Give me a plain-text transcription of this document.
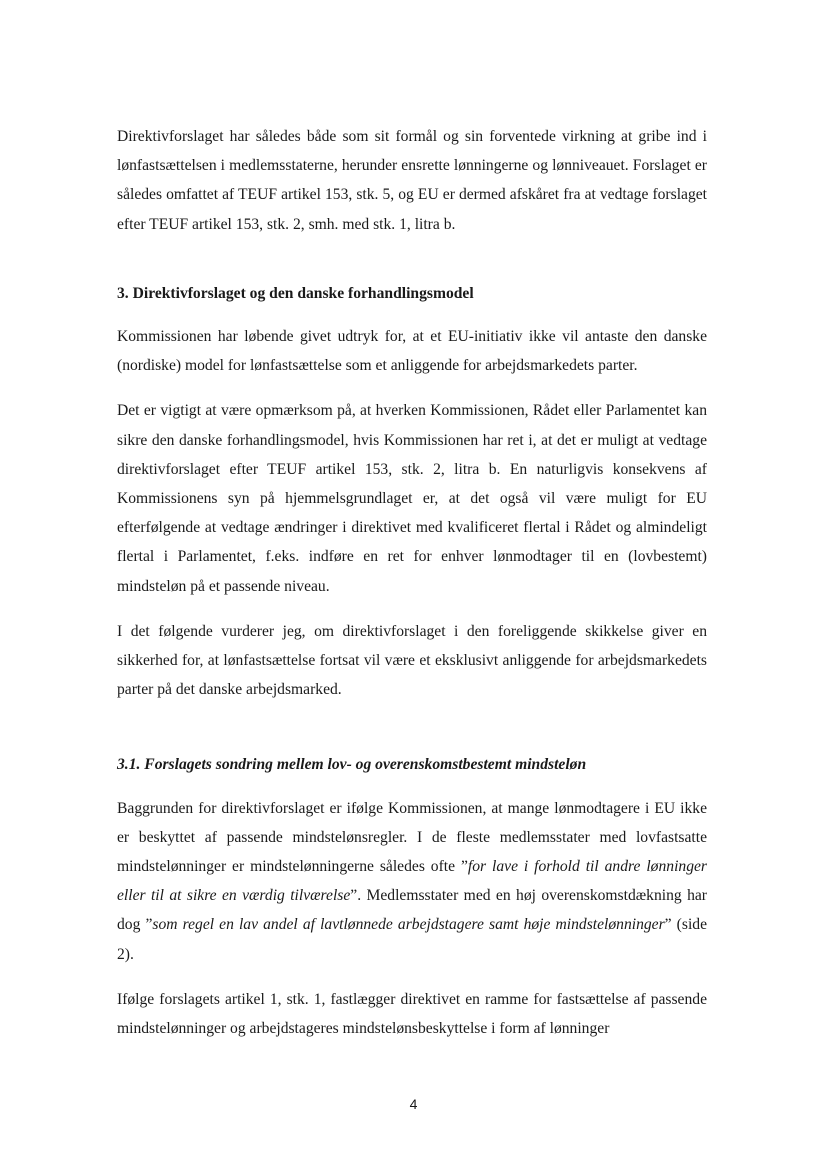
Direktivforslaget har således både som sit formål og sin forventede virkning at gribe ind i lønfastsættelsen i medlemsstaterne, herunder ensrette lønningerne og lønniveauet. Forslaget er således omfattet af TEUF artikel 153, stk. 5, og EU er dermed afskåret fra at vedtage forslaget efter TEUF artikel 153, stk. 2, smh. med stk. 1, litra b.

3. Direktivforslaget og den danske forhandlingsmodel

Kommissionen har løbende givet udtryk for, at et EU-initiativ ikke vil antaste den danske (nordiske) model for lønfastsættelse som et anliggende for arbejdsmarkedets parter.

Det er vigtigt at være opmærksom på, at hverken Kommissionen, Rådet eller Parlamentet kan sikre den danske forhandlingsmodel, hvis Kommissionen har ret i, at det er muligt at vedtage direktivforslaget efter TEUF artikel 153, stk. 2, litra b. En naturligvis konsekvens af Kommissionens syn på hjemmelsgrundlaget er, at det også vil være muligt for EU efterfølgende at vedtage ændringer i direktivet med kvalificeret flertal i Rådet og almindeligt flertal i Parlamentet, f.eks. indføre en ret for enhver lønmodtager til en (lovbestemt) mindsteløn på et passende niveau.

I det følgende vurderer jeg, om direktivforslaget i den foreliggende skikkelse giver en sikkerhed for, at lønfastsættelse fortsat vil være et eksklusivt anliggende for arbejdsmarkedets parter på det danske arbejdsmarked.

3.1. Forslagets sondring mellem lov- og overenskomstbestemt mindsteløn

Baggrunden for direktivforslaget er ifølge Kommissionen, at mange lønmodtagere i EU ikke er beskyttet af passende mindstelønsregler. I de fleste medlemsstater med lovfastsatte mindstelønninger er mindstelønningerne således ofte ”for lave i forhold til andre lønninger eller til at sikre en værdig tilværelse”. Medlemsstater med en høj overenskomstdækning har dog ”som regel en lav andel af lavtlønnede arbejdstagere samt høje mindstelønninger” (side 2).

Ifølge forslagets artikel 1, stk. 1, fastlægger direktivet en ramme for fastsættelse af passende mindstelønninger og arbejdstageres mindstelønsbeskyttelse i form af lønninger

4
